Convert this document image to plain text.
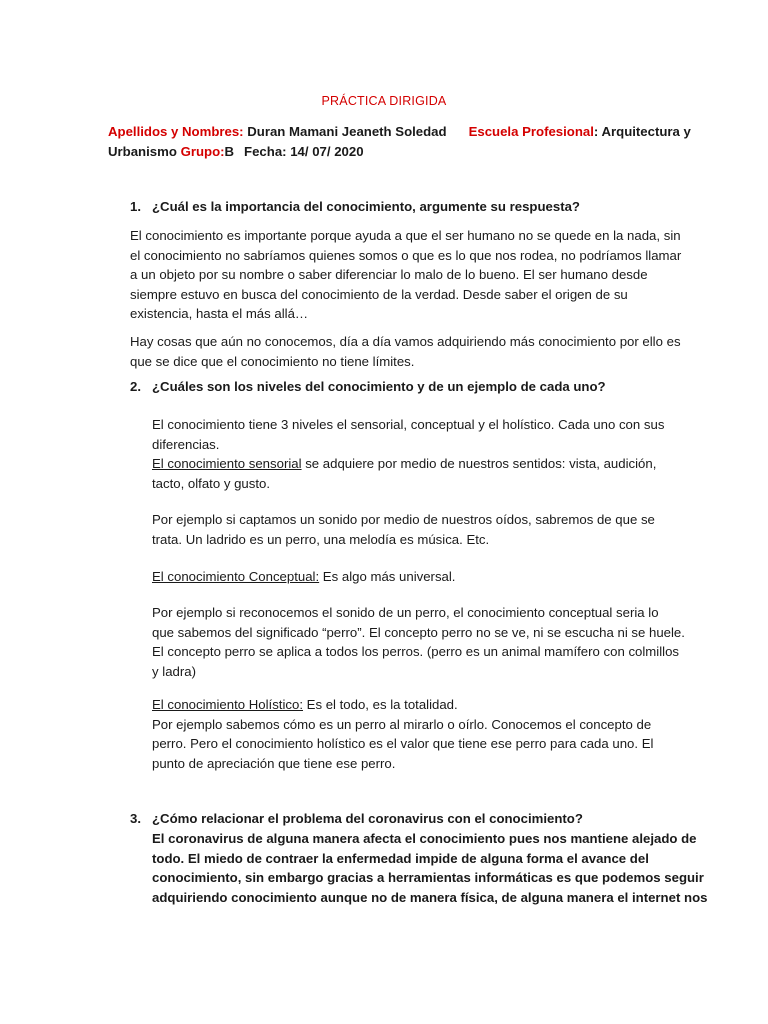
PRÁCTICA DIRIGIDA
Apellidos y Nombres: Duran Mamani Jeaneth Soledad Escuela Profesional: Arquitectura y
Urbanismo Grupo:B Fecha: 14/ 07/ 2020
1. ¿Cuál es la importancia del conocimiento, argumente su respuesta?
El conocimiento es importante porque ayuda a que el ser humano no se quede en la nada, sin
el conocimiento no sabríamos quienes somos o que es lo que nos rodea, no podríamos llamar
a un objeto por su nombre o saber diferenciar lo malo de lo bueno. El ser humano desde
siempre estuvo en busca del conocimiento de la verdad. Desde saber el origen de su
existencia, hasta el más allá…
Hay cosas que aún no conocemos, día a día vamos adquiriendo más conocimiento por ello es
que se dice que el conocimiento no tiene límites.
2. ¿Cuáles son los niveles del conocimiento y de un ejemplo de cada uno?
El conocimiento tiene 3 niveles el sensorial, conceptual y el holístico. Cada uno con sus
diferencias.
El conocimiento sensorial se adquiere por medio de nuestros sentidos: vista, audición,
tacto, olfato y gusto.
Por ejemplo si captamos un sonido por medio de nuestros oídos, sabremos de que se
trata. Un ladrido es un perro, una melodía es música. Etc.
El conocimiento Conceptual: Es algo más universal.
Por ejemplo si reconocemos el sonido de un perro, el conocimiento conceptual seria lo
que sabemos del significado “perro”. El concepto perro no se ve, ni se escucha ni se huele.
El concepto perro se aplica a todos los perros. (perro es un animal mamífero con colmillos
y ladra)
El conocimiento Holístico: Es el todo, es la totalidad.
Por ejemplo sabemos cómo es un perro al mirarlo o oírlo. Conocemos el concepto de
perro. Pero el conocimiento holístico es el valor que tiene ese perro para cada uno. El
punto de apreciación que tiene ese perro.
3. ¿Cómo relacionar el problema del coronavirus con el conocimiento?
El coronavirus de alguna manera afecta el conocimiento pues nos mantiene alejado de
todo. El miedo de contraer la enfermedad impide de alguna forma el avance del
conocimiento, sin embargo gracias a herramientas informáticas es que podemos seguir
adquiriendo conocimiento aunque no de manera física, de alguna manera el internet nos
